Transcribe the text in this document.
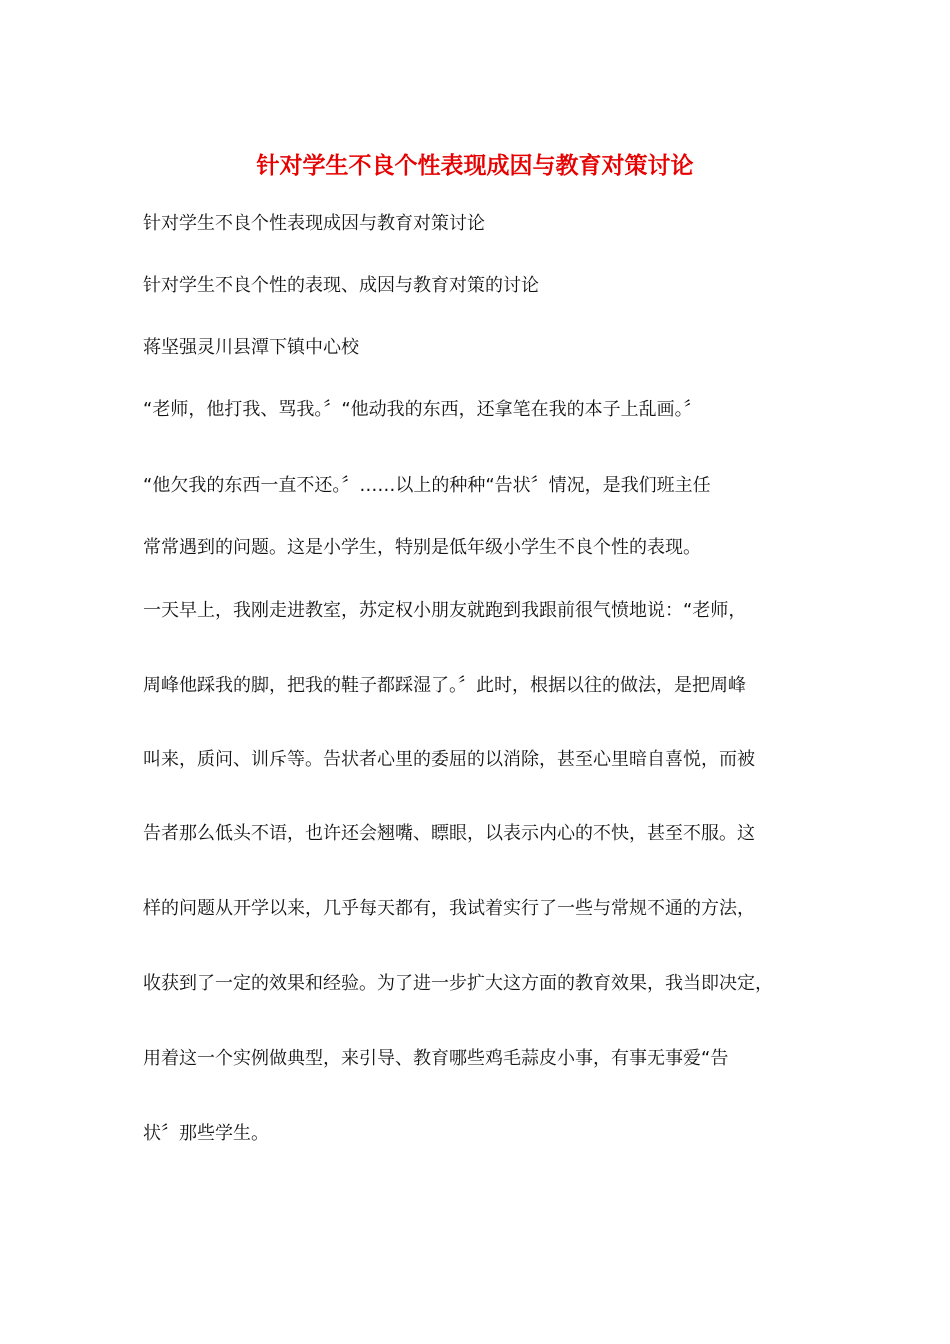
针对学生不良个性表现成因与教育对策讨论

针对学生不良个性表现成因与教育对策讨论

针对学生不良个性的表现、成因与教育对策的讨论

蒋坚强灵川县潭下镇中心校

“老师，他打我、骂我。〞“他动我的东西，还拿笔在我的本子上乱画。〞

“他欠我的东西一直不还。〞……以上的种种“告状〞情况，是我们班主任

常常遇到的问题。这是小学生，特别是低年级小学生不良个性的表现。

一天早上，我刚走进教室，苏定权小朋友就跑到我跟前很气愤地说：“老师，

周峰他踩我的脚，把我的鞋子都踩湿了。〞此时，根据以往的做法，是把周峰

叫来，质问、训斥等。告状者心里的委屈的以消除，甚至心里暗自喜悦，而被

告者那么低头不语，也许还会翘嘴、瞟眼，以表示内心的不快，甚至不服。这

样的问题从开学以来，几乎每天都有，我试着实行了一些与常规不通的方法，

收获到了一定的效果和经验。为了进一步扩大这方面的教育效果，我当即决定，

用着这一个实例做典型，来引导、教育哪些鸡毛蒜皮小事，有事无事爱“告

状〞那些学生。
